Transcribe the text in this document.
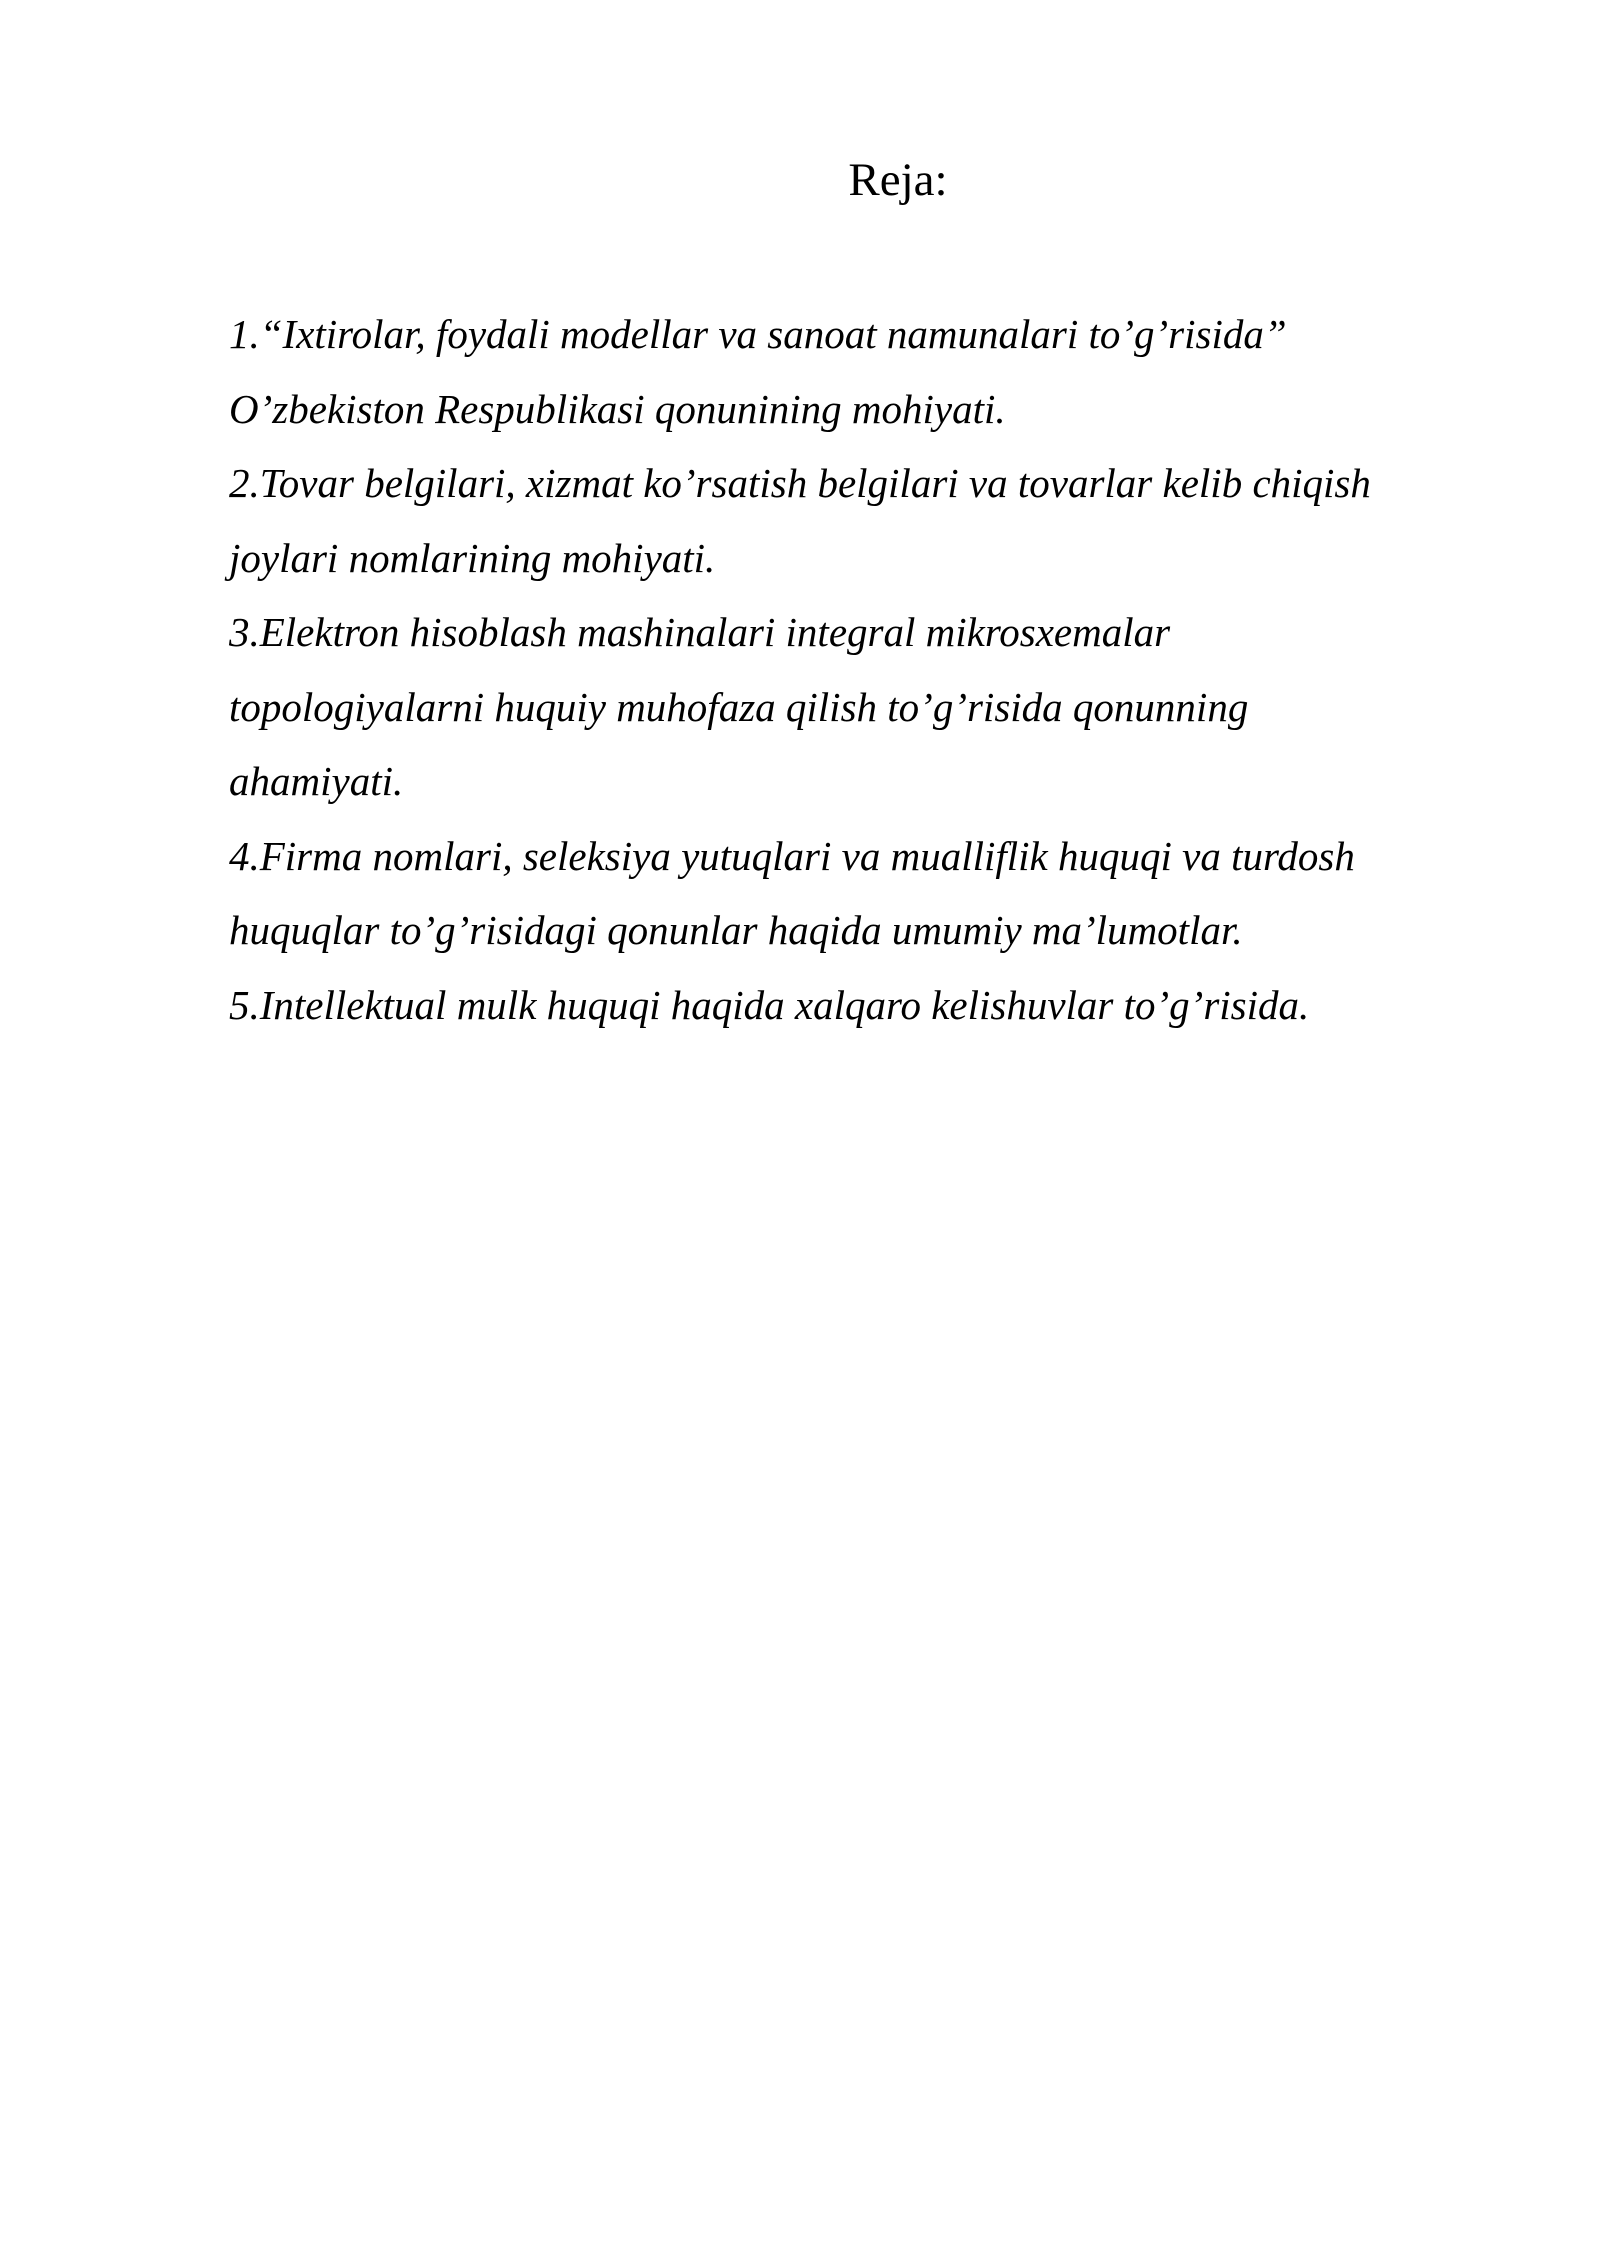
Reja:
1.“Ixtirolar, foydali modellar va sanoat namunalari to’g’risida”
O’zbekiston Respublikasi qonunining mohiyati.
2.Tovar belgilari, xizmat ko’rsatish belgilari va tovarlar kelib chiqish
joylari nomlarining mohiyati.
3.Elektron hisoblash mashinalari integral mikrosxemalar
topologiyalarni huquiy muhofaza qilish to’g’risida qonunning
ahamiyati.
4.Firma nomlari, seleksiya yutuqlari va mualliflik huquqi va turdosh
huquqlar to’g’risidagi qonunlar haqida umumiy ma’lumotlar.
5.Intellektual mulk huquqi haqida xalqaro kelishuvlar to’g’risida.
